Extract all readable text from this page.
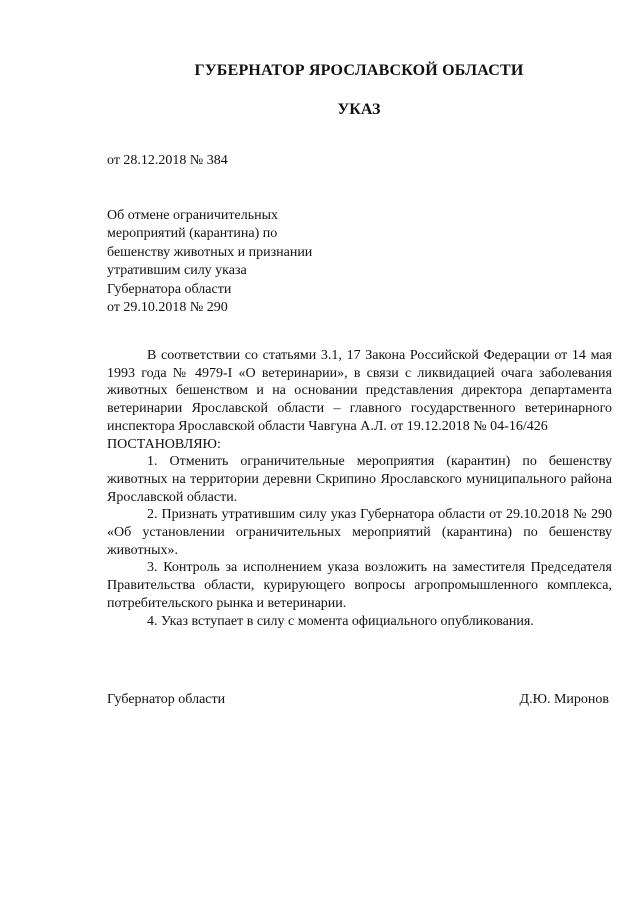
ГУБЕРНАТОР ЯРОСЛАВСКОЙ ОБЛАСТИ
УКАЗ
от 28.12.2018 № 384
Об отмене ограничительных
мероприятий (карантина) по
бешенству животных и признании
утратившим силу указа
Губернатора области
от 29.10.2018 № 290

В соответствии со статьями 3.1, 17 Закона Российской Федерации от 14 мая 1993 года № 4979-I «О ветеринарии», в связи с ликвидацией очага заболевания животных бешенством и на основании представления директора департамента ветеринарии Ярославской области – главного государственного ветеринарного инспектора Ярославской области Чавгуна А.Л. от 19.12.2018 № 04-16/426

ПОСТАНОВЛЯЮ:

1. Отменить ограничительные мероприятия (карантин) по бешенству животных на территории деревни Скрипино Ярославского муниципального района Ярославской области.

2. Признать утратившим силу указ Губернатора области от 29.10.2018 № 290 «Об установлении ограничительных мероприятий (карантина) по бешенству животных».

3. Контроль за исполнением указа возложить на заместителя Председателя Правительства области, курирующего вопросы агропромышленного комплекса, потребительского рынка и ветеринарии.

4. Указ вступает в силу с момента официального опубликования.

Губернатор области	Д.Ю. Миронов
